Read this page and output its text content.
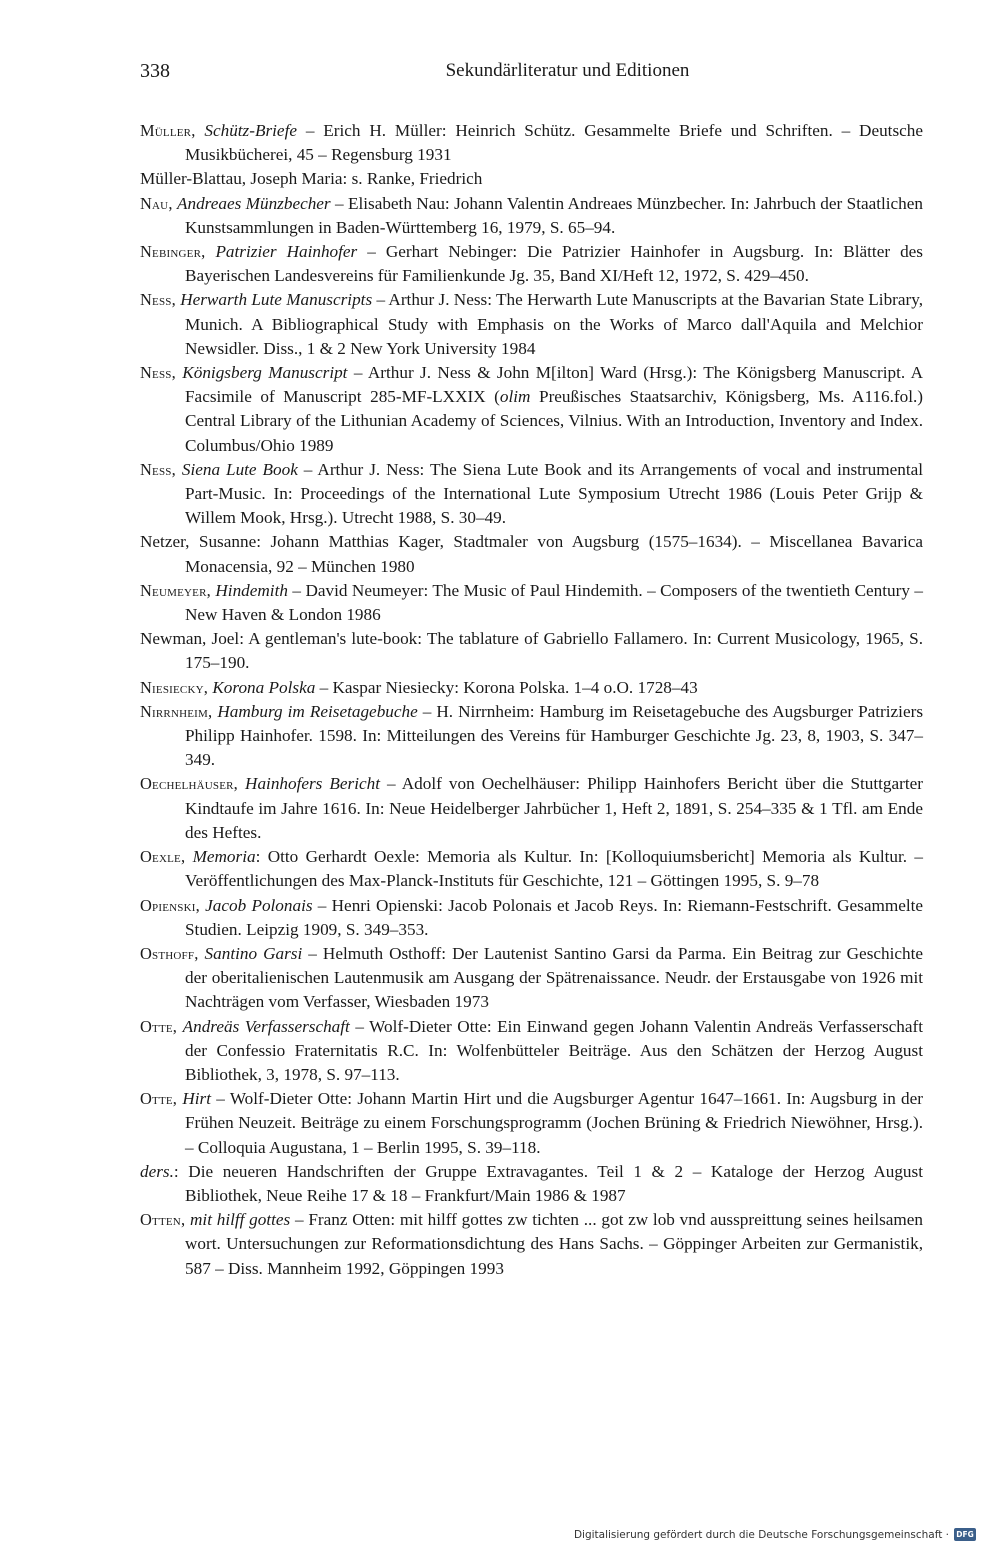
338	Sekundärliteratur und Editionen

Müller, Schütz-Briefe – Erich H. Müller: Heinrich Schütz. Gesammelte Briefe und Schriften. – Deutsche Musikbücherei, 45 – Regensburg 1931

Müller-Blattau, Joseph Maria: s. Ranke, Friedrich

Nau, Andreaes Münzbecher – Elisabeth Nau: Johann Valentin Andreaes Münzbecher. In: Jahrbuch der Staatlichen Kunstsammlungen in Baden-Württemberg 16, 1979, S. 65–94.

Nebinger, Patrizier Hainhofer – Gerhart Nebinger: Die Patrizier Hainhofer in Augsburg. In: Blätter des Bayerischen Landesvereins für Familienkunde Jg. 35, Band XI/Heft 12, 1972, S. 429–450.

Ness, Herwarth Lute Manuscripts – Arthur J. Ness: The Herwarth Lute Manuscripts at the Bavarian State Library, Munich. A Bibliographical Study with Emphasis on the Works of Marco dall'Aquila and Melchior Newsidler. Diss., 1 & 2 New York University 1984

Ness, Königsberg Manuscript – Arthur J. Ness & John M[ilton] Ward (Hrsg.): The Königsberg Manuscript. A Facsimile of Manuscript 285-MF-LXXIX (olim Preußisches Staatsarchiv, Königsberg, Ms. A116.fol.) Central Library of the Lithunian Academy of Sciences, Vilnius. With an Introduction, Inventory and Index. Columbus/Ohio 1989

Ness, Siena Lute Book – Arthur J. Ness: The Siena Lute Book and its Arrangements of vocal and instrumental Part-Music. In: Proceedings of the International Lute Symposium Utrecht 1986 (Louis Peter Grijp & Willem Mook, Hrsg.). Utrecht 1988, S. 30–49.

Netzer, Susanne: Johann Matthias Kager, Stadtmaler von Augsburg (1575–1634). – Miscellanea Bavarica Monacensia, 92 – München 1980

Neumeyer, Hindemith – David Neumeyer: The Music of Paul Hindemith. – Composers of the twentieth Century – New Haven & London 1986

Newman, Joel: A gentleman's lute-book: The tablature of Gabriello Fallamero. In: Current Musicology, 1965, S. 175–190.

Niesiecky, Korona Polska – Kaspar Niesiecky: Korona Polska. 1–4 o.O. 1728–43

Nirrnheim, Hamburg im Reisetagebuche – H. Nirrnheim: Hamburg im Reisetagebuche des Augsburger Patriziers Philipp Hainhofer. 1598. In: Mitteilungen des Vereins für Hamburger Geschichte Jg. 23, 8, 1903, S. 347–349.

Oechelhäuser, Hainhofers Bericht – Adolf von Oechelhäuser: Philipp Hainhofers Bericht über die Stuttgarter Kindtaufe im Jahre 1616. In: Neue Heidelberger Jahrbücher 1, Heft 2, 1891, S. 254–335 & 1 Tfl. am Ende des Heftes.

Oexle, Memoria: Otto Gerhardt Oexle: Memoria als Kultur. In: [Kolloquiumsbericht] Memoria als Kultur. – Veröffentlichungen des Max-Planck-Instituts für Geschichte, 121 – Göttingen 1995, S. 9–78

Opienski, Jacob Polonais – Henri Opienski: Jacob Polonais et Jacob Reys. In: Riemann-Festschrift. Gesammelte Studien. Leipzig 1909, S. 349–353.

Osthoff, Santino Garsi – Helmuth Osthoff: Der Lautenist Santino Garsi da Parma. Ein Beitrag zur Geschichte der oberitalienischen Lautenmusik am Ausgang der Spätrenaissance. Neudr. der Erstausgabe von 1926 mit Nachträgen vom Verfasser, Wiesbaden 1973

Otte, Andreäs Verfasserschaft – Wolf-Dieter Otte: Ein Einwand gegen Johann Valentin Andreäs Verfasserschaft der Confessio Fraternitatis R.C. In: Wolfenbütteler Beiträge. Aus den Schätzen der Herzog August Bibliothek, 3, 1978, S. 97–113.

Otte, Hirt – Wolf-Dieter Otte: Johann Martin Hirt und die Augsburger Agentur 1647–1661. In: Augsburg in der Frühen Neuzeit. Beiträge zu einem Forschungsprogramm (Jochen Brüning & Friedrich Niewöhner, Hrsg.). – Colloquia Augustana, 1 – Berlin 1995, S. 39–118.

ders.: Die neueren Handschriften der Gruppe Extravagantes. Teil 1 & 2 – Kataloge der Herzog August Bibliothek, Neue Reihe 17 & 18 – Frankfurt/Main 1986 & 1987

Otten, mit hilff gottes – Franz Otten: mit hilff gottes zw tichten ... got zw lob vnd ausspreittung seines heilsamen wort. Untersuchungen zur Reformationsdichtung des Hans Sachs. – Göppinger Arbeiten zur Germanistik, 587 – Diss. Mannheim 1992, Göppingen 1993

Digitalisierung gefördert durch die Deutsche Forschungsgemeinschaft · DFG
